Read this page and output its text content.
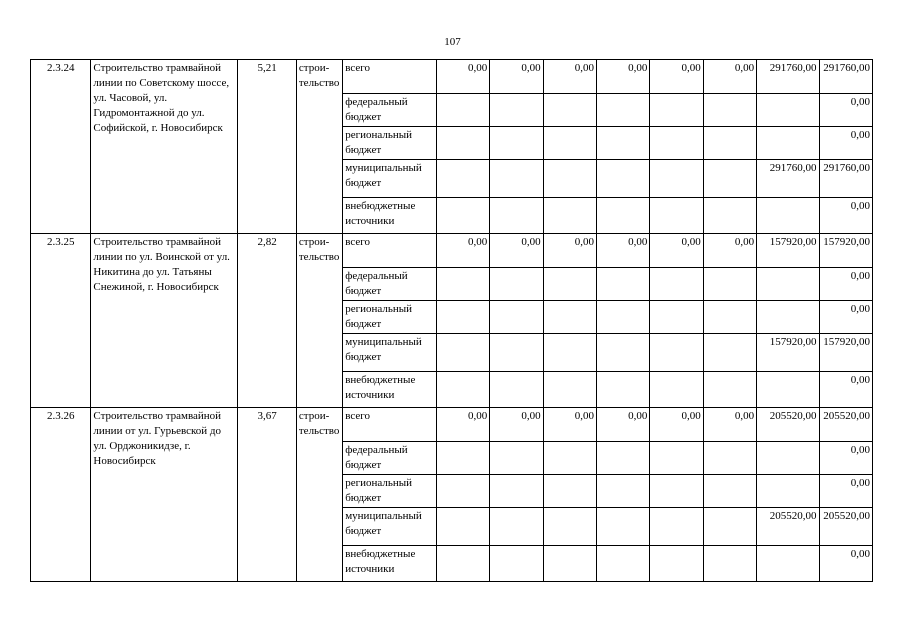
107
2.3.24	Строительство трамвайной линии по Советскому шоссе, ул. Часовой, ул. Гидромонтажной до ул. Софийской, г. Новосибирск	5,21	строи-тельство	всего	0,00	0,00	0,00	0,00	0,00	0,00	291760,00	291760,00
				федеральный бюджет								0,00
				региональный бюджет								0,00
				муниципальный бюджет							291760,00	291760,00
				внебюджетные источники								0,00
2.3.25	Строительство трамвайной линии по ул. Воинской от ул. Никитина до ул. Татьяны Снежиной, г. Новосибирск	2,82	строи-тельство	всего	0,00	0,00	0,00	0,00	0,00	0,00	157920,00	157920,00
				федеральный бюджет								0,00
				региональный бюджет								0,00
				муниципальный бюджет							157920,00	157920,00
				внебюджетные источники								0,00
2.3.26	Строительство трамвайной линии от ул. Гурьевской до ул. Орджоникидзе, г. Новосибирск	3,67	строи-тельство	всего	0,00	0,00	0,00	0,00	0,00	0,00	205520,00	205520,00
				федеральный бюджет								0,00
				региональный бюджет								0,00
				муниципальный бюджет							205520,00	205520,00
				внебюджетные источники								0,00
